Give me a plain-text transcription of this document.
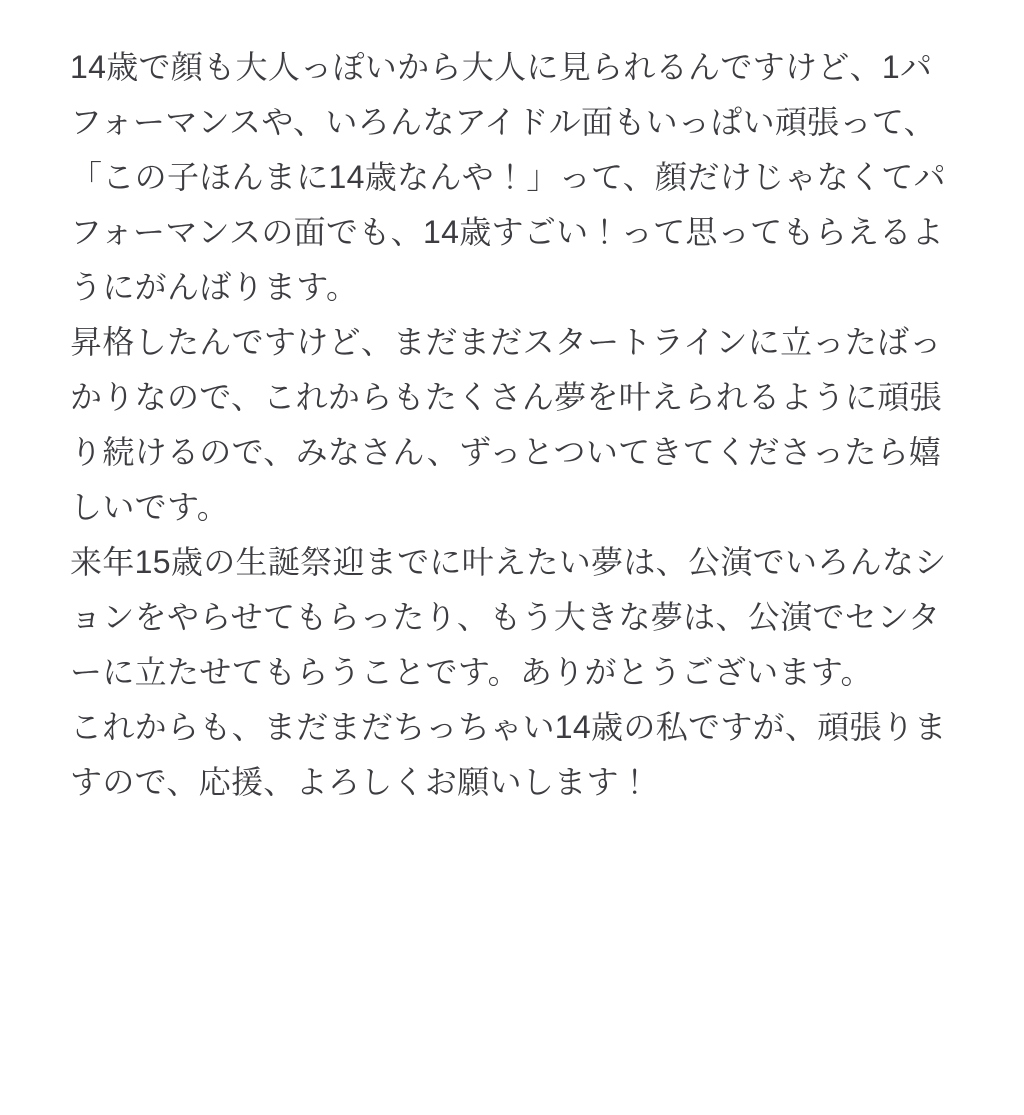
14歳で顔も大人っぽいから大人に見られるんですけど、1パフォーマンスや、いろんなアイドル面もいっぱい頑張って、「この子ほんまに14歳なんや！」って、顔だけじゃなくてパフォーマンスの面でも、14歳すごい！って思ってもらえるようにがんばります。

昇格したんですけど、まだまだスタートラインに立ったばっかりなので、これからもたくさん夢を叶えられるように頑張り続けるので、みなさん、ずっとついてきてくださったら嬉しいです。

来年15歳の生誕祭迎までに叶えたい夢は、公演でいろんなションをやらせてもらったり、もう大きな夢は、公演でセンターに立たせてもらうことです。ありがとうございます。

これからも、まだまだちっちゃい14歳の私ですが、頑張りますので、応援、よろしくお願いします！
